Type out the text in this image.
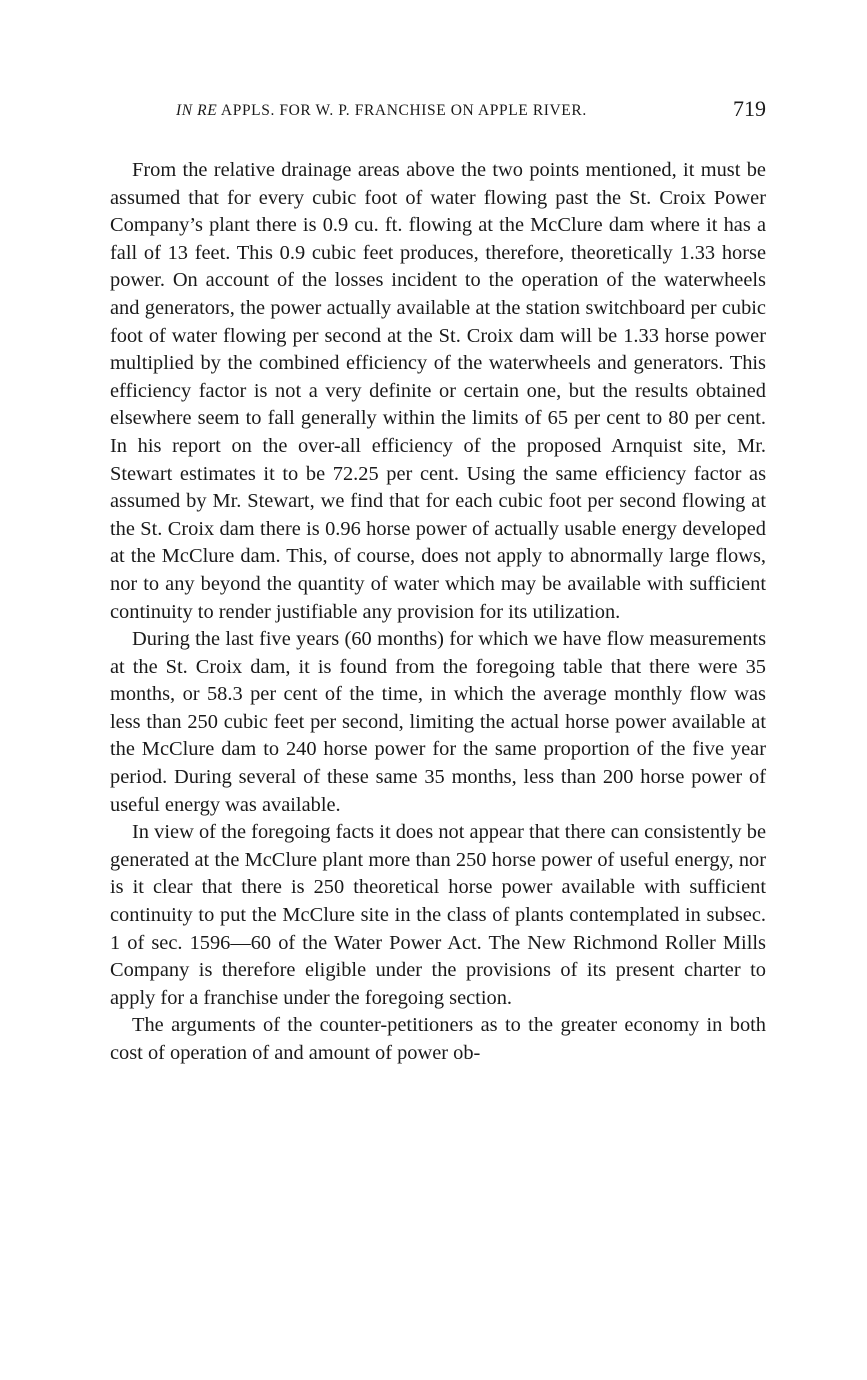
IN RE APPLS. FOR W. P. FRANCHISE ON APPLE RIVER.	719

From the relative drainage areas above the two points mentioned, it must be assumed that for every cubic foot of water flowing past the St. Croix Power Company’s plant there is 0.9 cu. ft. flowing at the McClure dam where it has a fall of 13 feet. This 0.9 cubic feet produces, therefore, theoretically 1.33 horse power. On account of the losses incident to the operation of the waterwheels and generators, the power actually available at the station switchboard per cubic foot of water flowing per second at the St. Croix dam will be 1.33 horse power multiplied by the combined efficiency of the waterwheels and generators. This efficiency factor is not a very definite or certain one, but the results obtained elsewhere seem to fall generally within the limits of 65 per cent to 80 per cent. In his report on the over-all efficiency of the proposed Arnquist site, Mr. Stewart estimates it to be 72.25 per cent. Using the same efficiency factor as assumed by Mr. Stewart, we find that for each cubic foot per second flowing at the St. Croix dam there is 0.96 horse power of actually usable energy developed at the McClure dam. This, of course, does not apply to abnormally large flows, nor to any beyond the quantity of water which may be available with sufficient continuity to render justifiable any provision for its utilization.

During the last five years (60 months) for which we have flow measurements at the St. Croix dam, it is found from the foregoing table that there were 35 months, or 58.3 per cent of the time, in which the average monthly flow was less than 250 cubic feet per second, limiting the actual horse power available at the McClure dam to 240 horse power for the same proportion of the five year period. During several of these same 35 months, less than 200 horse power of useful energy was available.

In view of the foregoing facts it does not appear that there can consistently be generated at the McClure plant more than 250 horse power of useful energy, nor is it clear that there is 250 theoretical horse power available with sufficient continuity to put the McClure site in the class of plants contemplated in subsec. 1 of sec. 1596—60 of the Water Power Act. The New Richmond Roller Mills Company is therefore eligible under the provisions of its present charter to apply for a franchise under the foregoing section.

The arguments of the counter-petitioners as to the greater economy in both cost of operation of and amount of power ob-
